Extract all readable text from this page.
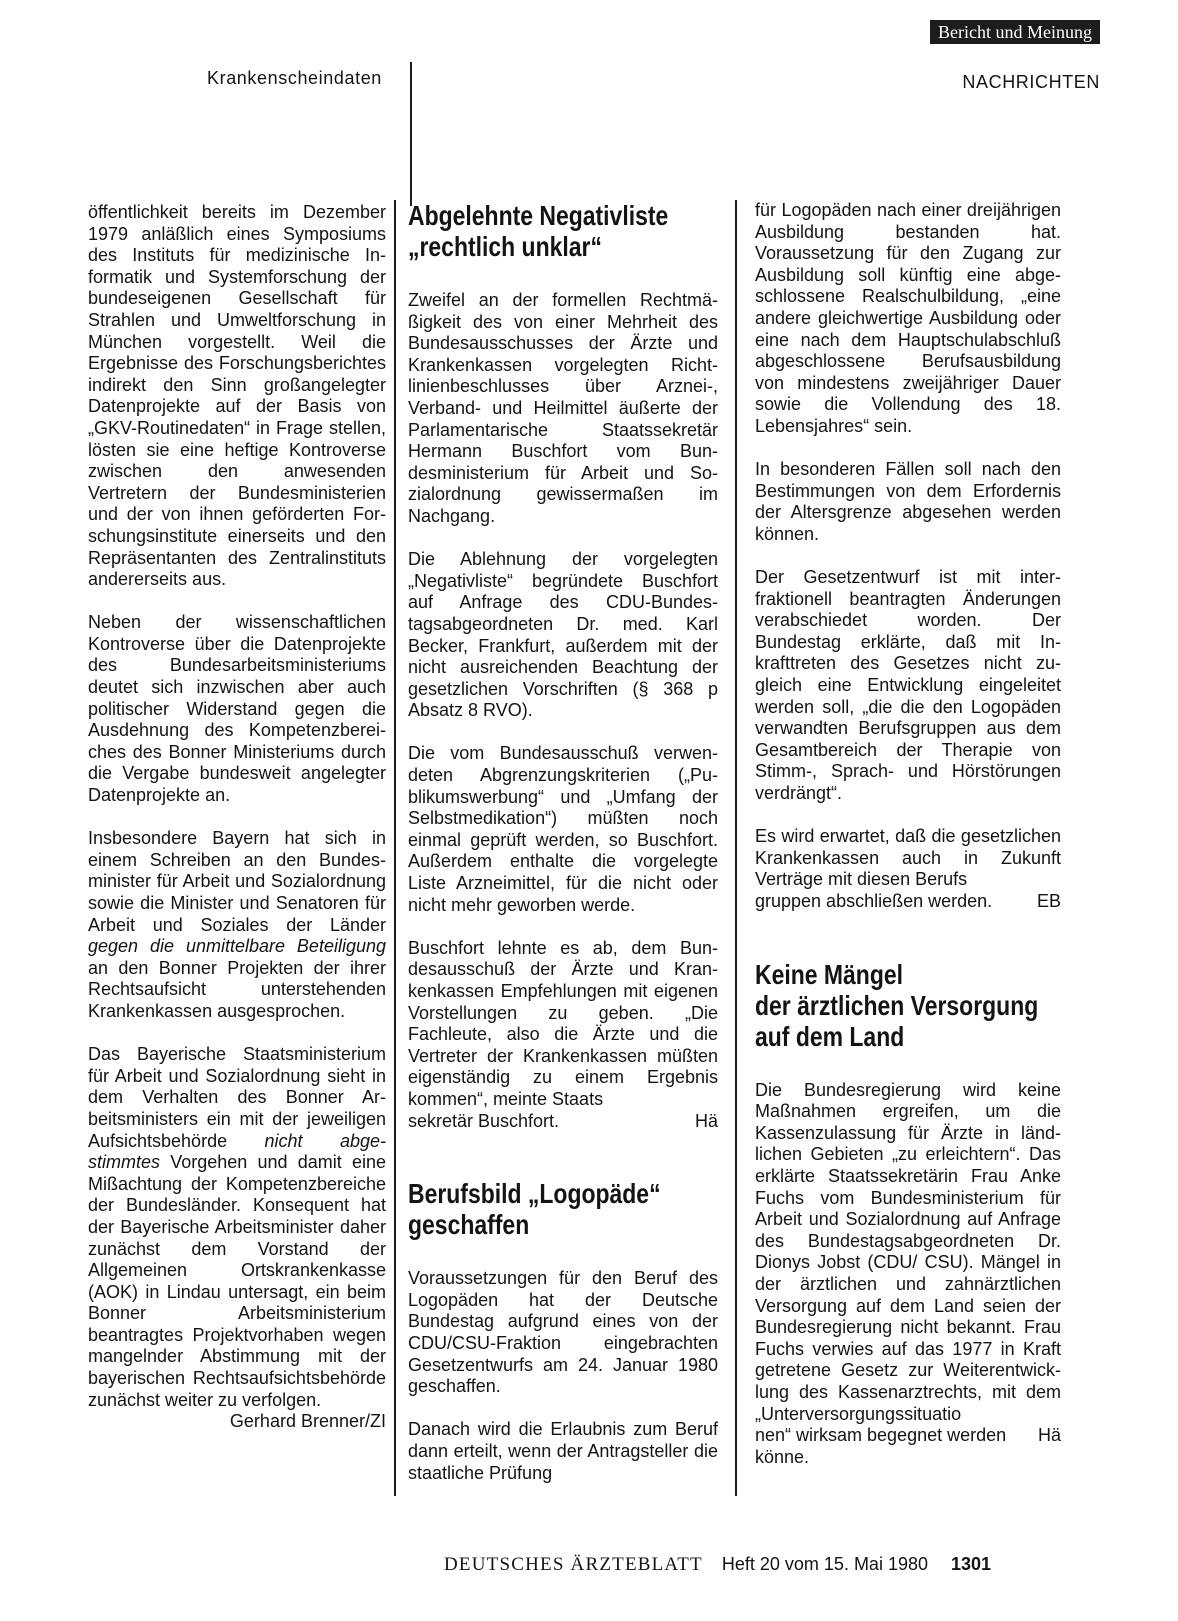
Bericht und Meinung
Krankenscheindaten	NACHRICHTEN

öffentlichkeit bereits im Dezember 1979 anläßlich eines Symposiums des Instituts für medizinische Informatik und Systemforschung der bundeseigenen Gesellschaft für Strahlen und Umweltforschung in München vorgestellt. Weil die Ergebnisse des Forschungsberichtes indirekt den Sinn großangelegter Datenprojekte auf der Basis von „GKV-Routinedaten“ in Frage stellen, lösten sie eine heftige Kontroverse zwischen den anwesenden Vertretern der Bundesministerien und der von ihnen geförderten Forschungsinstitute einerseits und den Repräsentanten des Zentralinstituts andererseits aus.

Neben der wissenschaftlichen Kontroverse über die Datenprojekte des Bundesarbeitsministeriums deutet sich inzwischen aber auch politischer Widerstand gegen die Ausdehnung des Kompetenzbereiches des Bonner Ministeriums durch die Vergabe bundesweit angelegter Datenprojekte an.

Insbesondere Bayern hat sich in einem Schreiben an den Bundesminister für Arbeit und Sozialordnung sowie die Minister und Senatoren für Arbeit und Soziales der Länder gegen die unmittelbare Beteiligung an den Bonner Projekten der ihrer Rechtsaufsicht unterstehenden Krankenkassen ausgesprochen.

Das Bayerische Staatsministerium für Arbeit und Sozialordnung sieht in dem Verhalten des Bonner Arbeitsministers ein mit der jeweiligen Aufsichtsbehörde nicht abgestimmtes Vorgehen und damit eine Mißachtung der Kompetenzbereiche der Bundesländer. Konsequent hat der Bayerische Arbeitsminister daher zunächst dem Vorstand der Allgemeinen Ortskrankenkasse (AOK) in Lindau untersagt, ein beim Bonner Arbeitsministerium beantragtes Projektvorhaben wegen mangelnder Abstimmung mit der bayerischen Rechtsaufsichtsbehörde zunächst weiter zu verfolgen.

Gerhard Brenner/ZI
Abgelehnte Negativliste
„rechtlich unklar“

Zweifel an der formellen Rechtmäßigkeit des von einer Mehrheit des Bundesausschusses der Ärzte und Krankenkassen vorgelegten Richtlinienbeschlusses über Arznei-, Verband- und Heilmittel äußerte der Parlamentarische Staatssekretär Hermann Buschfort vom Bundesministerium für Arbeit und Sozialordnung gewissermaßen im Nachgang.

Die Ablehnung der vorgelegten „Negativliste“ begründete Buschfort auf Anfrage des CDU-Bundestagsabgeordneten Dr. med. Karl Becker, Frankfurt, außerdem mit der nicht ausreichenden Beachtung der gesetzlichen Vorschriften (§ 368 p Absatz 8 RVO).

Die vom Bundesausschuß verwendeten Abgrenzungskriterien („Publikumswerbung“ und „Umfang der Selbstmedikation“) müßten noch einmal geprüft werden, so Buschfort. Außerdem enthalte die vorgelegte Liste Arzneimittel, für die nicht oder nicht mehr geworben werde.

Buschfort lehnte es ab, dem Bundesausschuß der Ärzte und Krankenkassen Empfehlungen mit eigenen Vorstellungen zu geben. „Die Fachleute, also die Ärzte und die Vertreter der Krankenkassen müßten eigenständig zu einem Ergebnis kommen“, meinte Staats

sekretär Buschfort.	Hä
Berufsbild „Logopäde“
geschaffen

Voraussetzungen für den Beruf des Logopäden hat der Deutsche Bundestag aufgrund eines von der CDU/CSU-Fraktion eingebrachten Gesetzentwurfs am 24. Januar 1980 geschaffen.

Danach wird die Erlaubnis zum Beruf dann erteilt, wenn der Antragsteller die staatliche Prüfung

für Logopäden nach einer dreijährigen Ausbildung bestanden hat. Voraussetzung für den Zugang zur Ausbildung soll künftig eine abgeschlossene Realschulbildung, „eine andere gleichwertige Ausbildung oder eine nach dem Hauptschulabschluß abgeschlossene Berufsausbildung von mindestens zweijähriger Dauer sowie die Vollendung des 18. Lebensjahres“ sein.

In besonderen Fällen soll nach den Bestimmungen von dem Erfordernis der Altersgrenze abgesehen werden können.

Der Gesetzentwurf ist mit interfraktionell beantragten Änderungen verabschiedet worden. Der Bundestag erklärte, daß mit Inkrafttreten des Gesetzes nicht zugleich eine Entwicklung eingeleitet werden soll, „die die den Logopäden verwandten Berufsgruppen aus dem Gesamtbereich der Therapie von Stimm-, Sprach- und Hörstörungen verdrängt“.

Es wird erwartet, daß die gesetzlichen Krankenkassen auch in Zukunft Verträge mit diesen Berufs

gruppen abschließen werden. EB
Keine Mängel
der ärztlichen Versorgung
auf dem Land

Die Bundesregierung wird keine Maßnahmen ergreifen, um die Kassenzulassung für Ärzte in ländlichen Gebieten „zu erleichtern“. Das erklärte Staatssekretärin Frau Anke Fuchs vom Bundesministerium für Arbeit und Sozialordnung auf Anfrage des Bundestagsabgeordneten Dr. Dionys Jobst (CDU/ CSU). Mängel in der ärztlichen und zahnärztlichen Versorgung auf dem Land seien der Bundesregierung nicht bekannt. Frau Fuchs verwies auf das 1977 in Kraft getretene Gesetz zur Weiterentwicklung des Kassenarztrechts, mit dem „Unterversorgungssituatio

nen“ wirksam begegnet werden könne.
Hä
DEUTSCHES ÄRZTEBLATT Heft 20 vom 15. Mai 1980 1301
